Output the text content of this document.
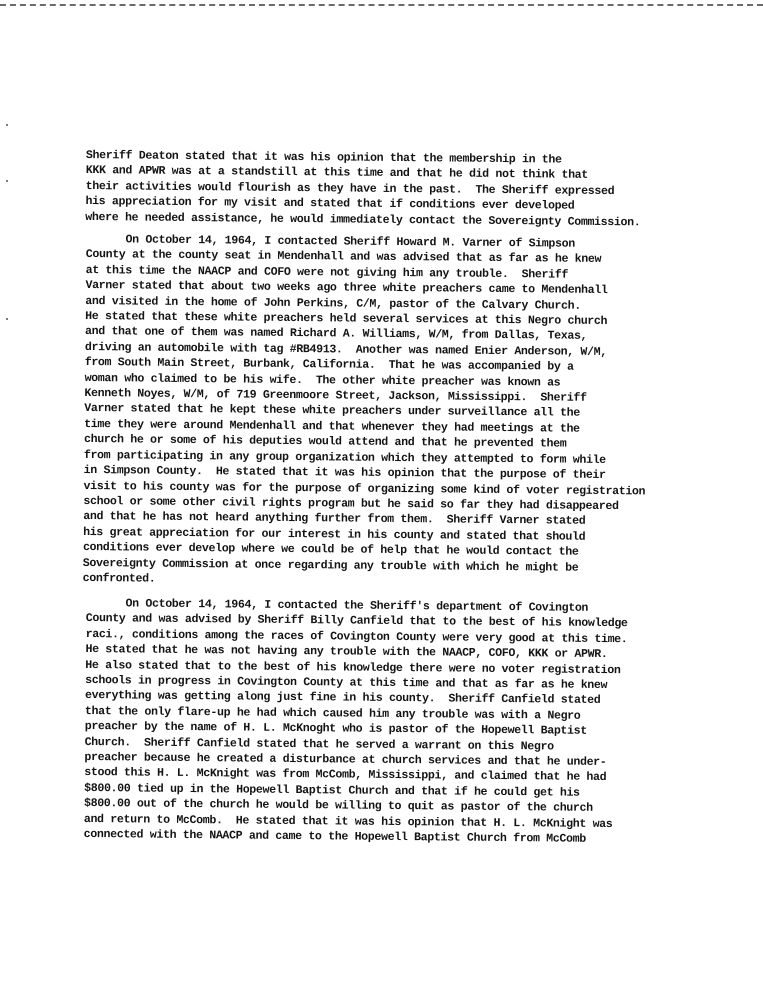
Sheriff Deaton stated that it was his opinion that the membership in the
KKK and APWR was at a standstill at this time and that he did not think that
their activities would flourish as they have in the past.  The Sheriff expressed
his appreciation for my visit and stated that if conditions ever developed
where he needed assistance, he would immediately contact the Sovereignty Commission.
On October 14, 1964, I contacted Sheriff Howard M. Varner of Simpson
County at the county seat in Mendenhall and was advised that as far as he knew
at this time the NAACP and COFO were not giving him any trouble.  Sheriff
Varner stated that about two weeks ago three white preachers came to Mendenhall
and visited in the home of John Perkins, C/M, pastor of the Calvary Church.
He stated that these white preachers held several services at this Negro church
and that one of them was named Richard A. Williams, W/M, from Dallas, Texas,
driving an automobile with tag #RB4913.  Another was named Enier Anderson, W/M,
from South Main Street, Burbank, California.  That he was accompanied by a
woman who claimed to be his wife.  The other white preacher was known as
Kenneth Noyes, W/M, of 719 Greenmoore Street, Jackson, Mississippi.  Sheriff
Varner stated that he kept these white preachers under surveillance all the
time they were around Mendenhall and that whenever they had meetings at the
church he or some of his deputies would attend and that he prevented them
from participating in any group organization which they attempted to form while
in Simpson County.  He stated that it was his opinion that the purpose of their
visit to his county was for the purpose of organizing some kind of voter registration
school or some other civil rights program but he said so far they had disappeared
and that he has not heard anything further from them.  Sheriff Varner stated
his great appreciation for our interest in his county and stated that should
conditions ever develop where we could be of help that he would contact the
Sovereignty Commission at once regarding any trouble with which he might be
confronted.
On October 14, 1964, I contacted the Sheriff's department of Covington
County and was advised by Sheriff Billy Canfield that to the best of his knowledge
raci., conditions among the races of Covington County were very good at this time.
He stated that he was not having any trouble with the NAACP, COFO, KKK or APWR.
He also stated that to the best of his knowledge there were no voter registration
schools in progress in Covington County at this time and that as far as he knew
everything was getting along just fine in his county.  Sheriff Canfield stated
that the only flare-up he had which caused him any trouble was with a Negro
preacher by the name of H. L. McKnoght who is pastor of the Hopewell Baptist
Church.  Sheriff Canfield stated that he served a warrant on this Negro
preacher because he created a disturbance at church services and that he under-
stood this H. L. McKnight was from McComb, Mississippi, and claimed that he had
$800.00 tied up in the Hopewell Baptist Church and that if he could get his
$800.00 out of the church he would be willing to quit as pastor of the church
and return to McComb.  He stated that it was his opinion that H. L. McKnight was
connected with the NAACP and came to the Hopewell Baptist Church from McComb
